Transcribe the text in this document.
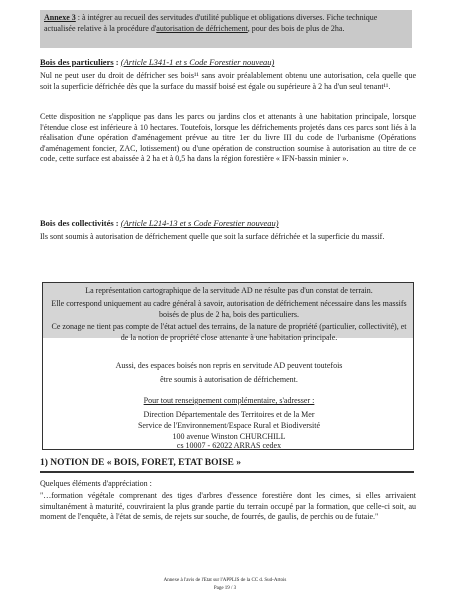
Annexe 3 : à intégrer au recueil des servitudes d'utilité publique et obligations diverses. Fiche technique actualisée relative à la procédure d'autorisation de défrichement, pour des bois de plus de 2ha.
Bois des particuliers : (Article L341-1 et s Code Forestier nouveau)

Nul ne peut user du droit de défricher ses bois¹¹ sans avoir préalablement obtenu une autorisation, cela quelle que soit la superficie défrichée dès que la surface du massif boisé est égale ou supérieure à 2 ha d'un seul tenant¹¹.

Cette disposition ne s'applique pas dans les parcs ou jardins clos et attenants à une habitation principale, lorsque l'étendue close est inférieure à 10 hectares. Toutefois, lorsque les défrichements projetés dans ces parcs sont liés à la réalisation d'une opération d'aménagement prévue au titre 1er du livre III du code de l'urbanisme (Opérations d'aménagement foncier, ZAC, lotissement) ou d'une opération de construction soumise à autorisation au titre de ce code, cette surface est abaissée à 2 ha et à 0,5 ha dans la région forestière « IFN-bassin minier ».

Bois des collectivités : (Article L214-13 et s Code Forestier nouveau)

Ils sont soumis à autorisation de défrichement quelle que soit la surface défrichée et la superficie du massif.

La représentation cartographique de la servitude AD ne résulte pas d'un constat de terrain.

Elle correspond uniquement au cadre général à savoir, autorisation de défrichement nécessaire dans les massifs boisés de plus de 2 ha, bois des particuliers.

Ce zonage ne tient pas compte de l'état actuel des terrains, de la nature de propriété (particulier, collectivité), et de la notion de propriété close attenante à une habitation principale.

Aussi, des espaces boisés non repris en servitude AD peuvent toutefois

être soumis à autorisation de défrichement.

Pour tout renseignement complémentaire, s'adresser :

Direction Départementale des Territoires et de la Mer

Service de l'Environnement/Espace Rural et Biodiversité

100 avenue Winston CHURCHILL

cs 10007 - 62022 ARRAS cedex

1) NOTION DE « BOIS, FORET, ETAT BOISE »

Quelques éléments d'appréciation :

"…formation végétale comprenant des tiges d'arbres d'essence forestière dont les cimes, si elles arrivaient simultanément à maturité, couvriraient la plus grande partie du terrain occupé par la formation, que celle-ci soit, au moment de l'enquête, à l'état de semis, de rejets sur souche, de fourrés, de gaulis, de perchis ou de futaie."

Annexe à l'avis de l'Etat sur l'APPLIS de la CC d. Sud-Artois
Page 19 / 3
